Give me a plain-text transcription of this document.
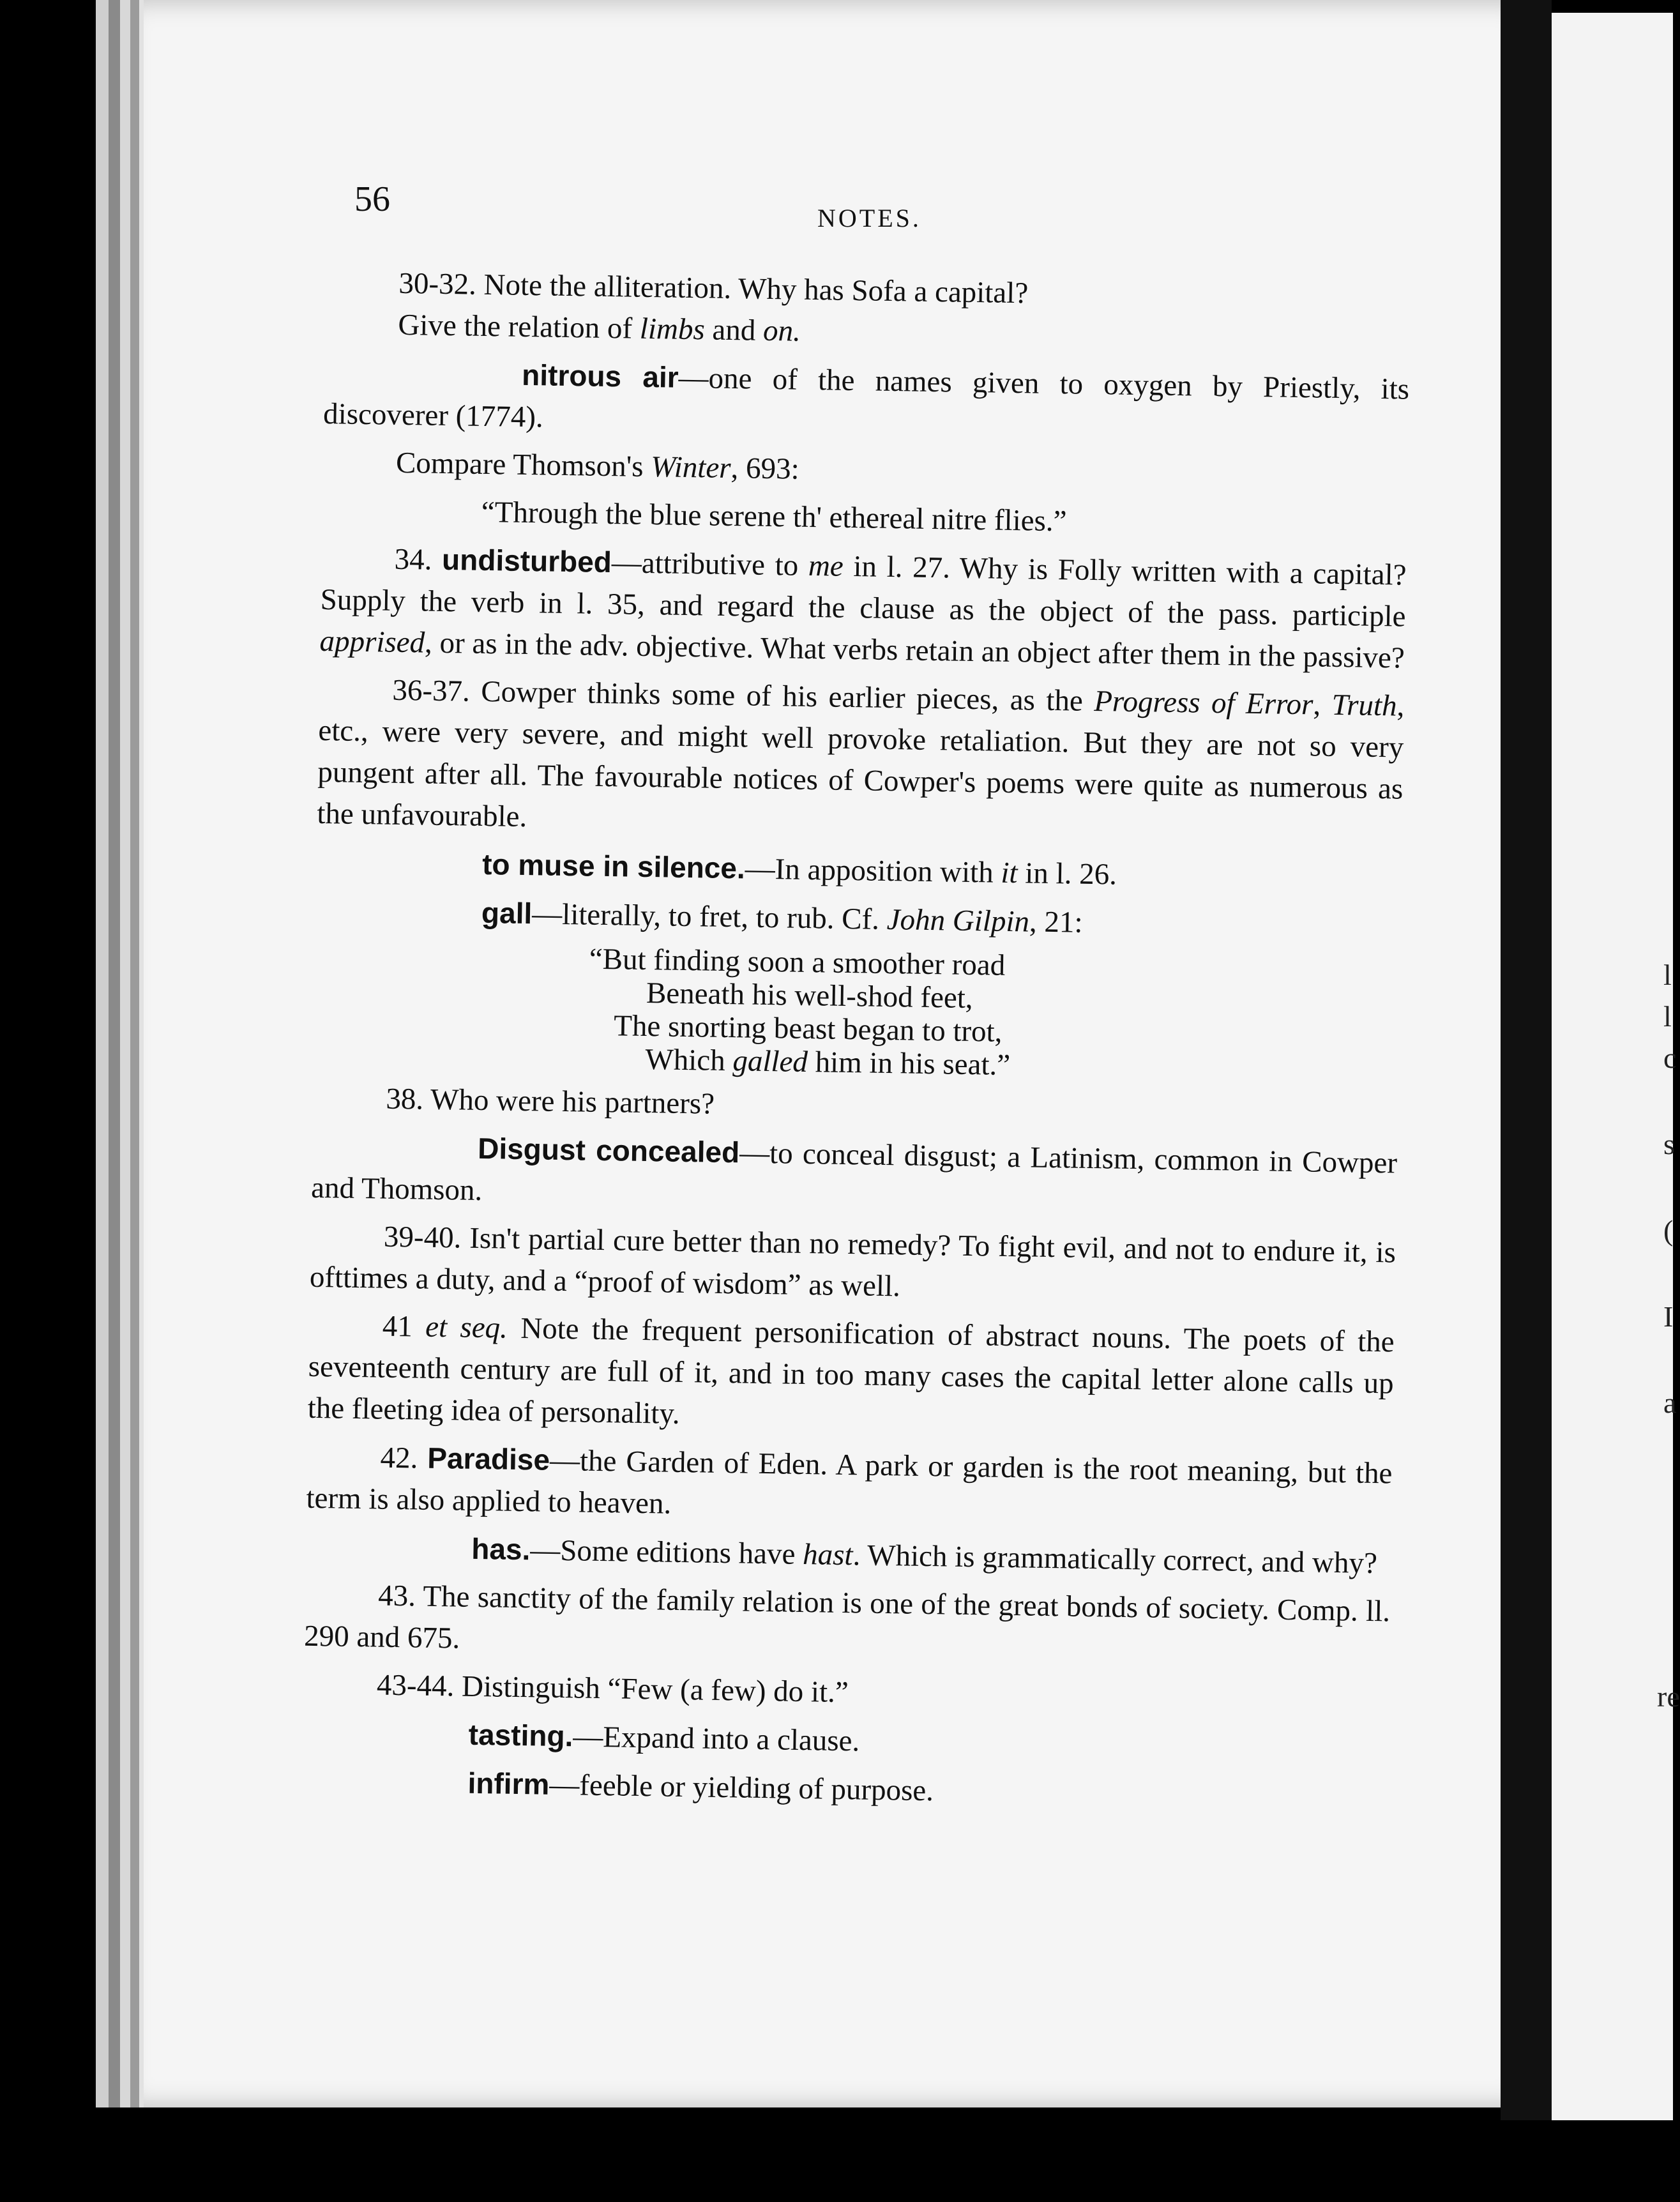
l
l
c
s
(
I
a
re
56	NOTES.

30-32. Note the alliteration. Why has Sofa a capital?
Give the relation of limbs and on.

nitrous air—one of the names given to oxygen by Priestly, its discoverer (1774).

Compare Thomson's Winter, 693:

“Through the blue serene th' ethereal nitre flies.”

34. undisturbed—attributive to me in l. 27. Why is Folly written with a capital? Supply the verb in l. 35, and regard the clause as the object of the pass. participle apprised, or as in the adv. objective. What verbs retain an object after them in the passive?

36-37. Cowper thinks some of his earlier pieces, as the Progress of Error, Truth, etc., were very severe, and might well provoke retaliation. But they are not so very pungent after all. The favourable notices of Cowper's poems were quite as numerous as the unfavourable.

to muse in silence.—In apposition with it in l. 26.

gall—literally, to fret, to rub. Cf. John Gilpin, 21:

“But finding soon a smoother road
Beneath his well-shod feet,
The snorting beast began to trot,
Which galled him in his seat.”

38. Who were his partners?

Disgust concealed—to conceal disgust; a Latinism, common in Cowper and Thomson.

39-40. Isn't partial cure better than no remedy? To fight evil, and not to endure it, is ofttimes a duty, and a “proof of wisdom” as well.

41 et seq. Note the frequent personification of abstract nouns. The poets of the seventeenth century are full of it, and in too many cases the capital letter alone calls up the fleeting idea of personality.

42. Paradise—the Garden of Eden. A park or garden is the root meaning, but the term is also applied to heaven.

has.—Some editions have hast. Which is grammatically correct, and why?

43. The sanctity of the family relation is one of the great bonds of society. Comp. ll. 290 and 675.

43-44. Distinguish “Few (a few) do it.”

tasting.—Expand into a clause.

infirm—feeble or yielding of purpose.
